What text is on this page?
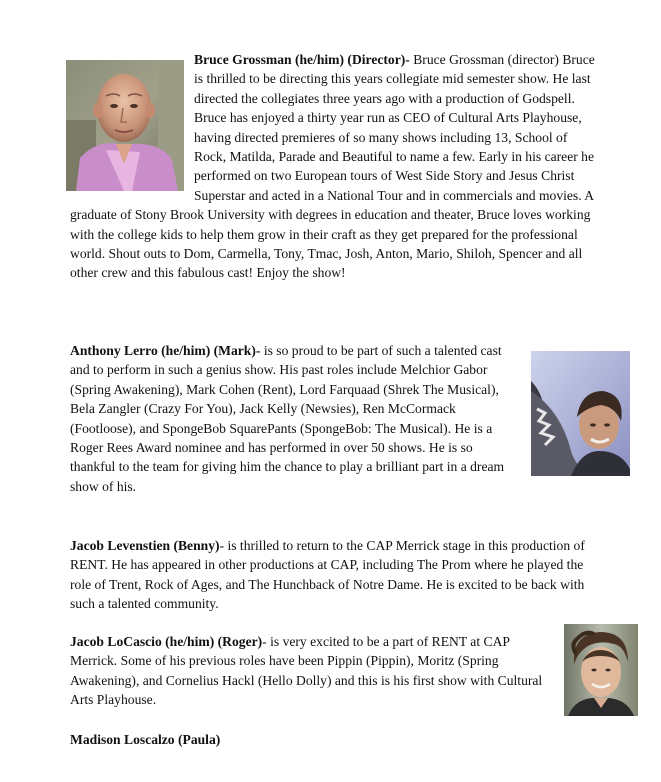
Bruce Grossman (he/him) (Director)- Bruce Grossman (director) Bruce is thrilled to be directing this years collegiate mid semester show. He last directed the collegiates three years ago with a production of Godspell. Bruce has enjoyed a thirty year run as CEO of Cultural Arts Playhouse, having directed premieres of so many shows including 13, School of Rock, Matilda, Parade and Beautiful to name a few. Early in his career he performed on two European tours of West Side Story and Jesus Christ Superstar and acted in a National Tour and in commercials and movies. A graduate of Stony Brook University with degrees in education and theater, Bruce loves working with the college kids to help them grow in their craft as they get prepared for the professional world. Shout outs to Dom, Carmella, Tony, Tmac, Josh, Anton, Mario, Shiloh, Spencer and all other crew and this fabulous cast! Enjoy the show!

Anthony Lerro (he/him) (Mark)- is so proud to be part of such a talented cast and to perform in such a genius show. His past roles include Melchior Gabor (Spring Awakening), Mark Cohen (Rent), Lord Farquaad (Shrek The Musical), Bela Zangler (Crazy For You), Jack Kelly (Newsies), Ren McCormack (Footloose), and SpongeBob SquarePants (SpongeBob: The Musical). He is a Roger Rees Award nominee and has performed in over 50 shows. He is so thankful to the team for giving him the chance to play a brilliant part in a dream show of his.

Jacob Levenstien (Benny)- is thrilled to return to the CAP Merrick stage in this production of RENT. He has appeared in other productions at CAP, including The Prom where he played the role of Trent, Rock of Ages, and The Hunchback of Notre Dame. He is excited to be back with such a talented community.

Jacob LoCascio (he/him) (Roger)- is very excited to be a part of RENT at CAP Merrick. Some of his previous roles have been Pippin (Pippin), Moritz (Spring Awakening), and Cornelius Hackl (Hello Dolly) and this is his first show with Cultural Arts Playhouse.

Madison Loscalzo (Paula)
